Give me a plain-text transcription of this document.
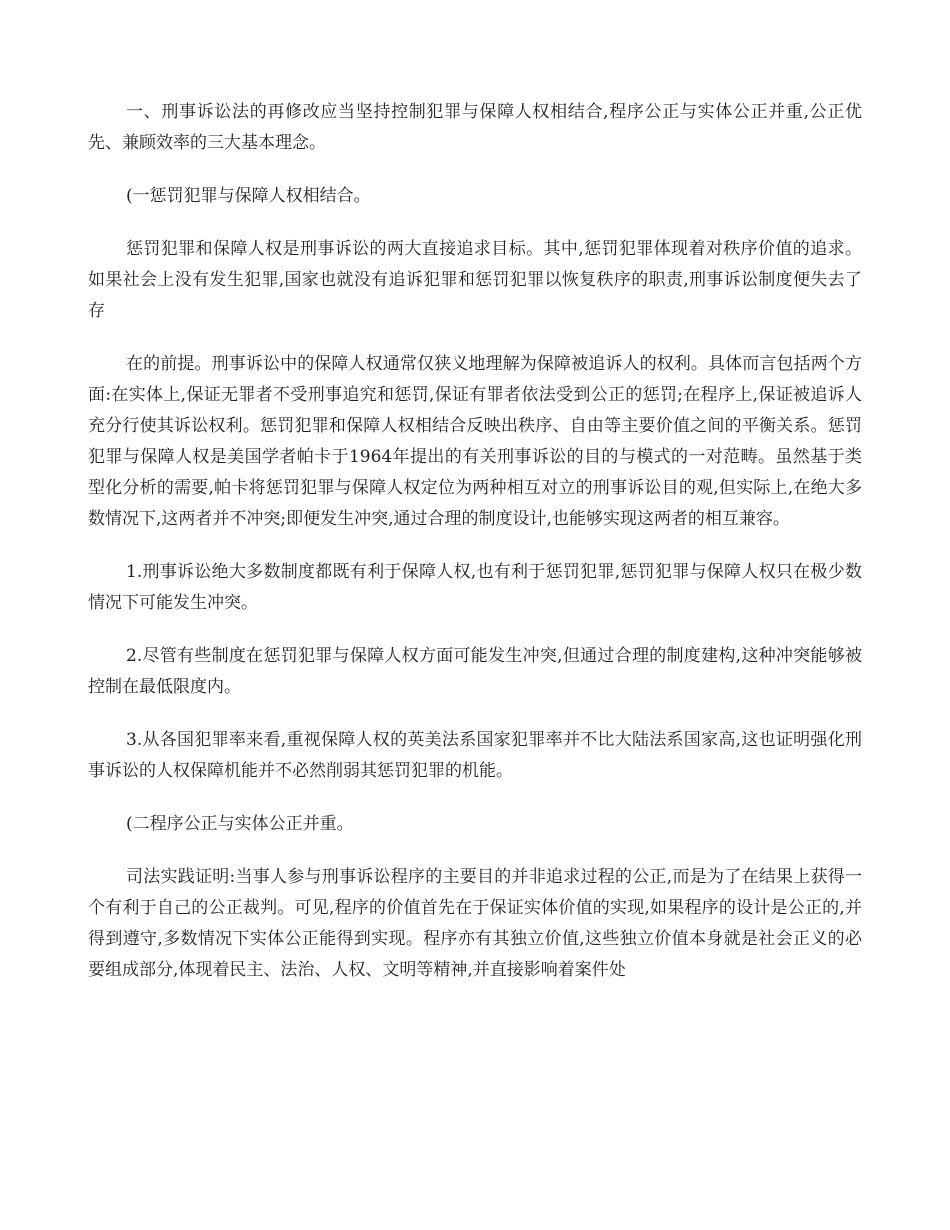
一、刑事诉讼法的再修改应当坚持控制犯罪与保障人权相结合,程序公正与实体公正并重,公正优先、兼顾效率的三大基本理念。

(一惩罚犯罪与保障人权相结合。

惩罚犯罪和保障人权是刑事诉讼的两大直接追求目标。其中,惩罚犯罪体现着对秩序价值的追求。如果社会上没有发生犯罪,国家也就没有追诉犯罪和惩罚犯罪以恢复秩序的职责,刑事诉讼制度便失去了存

在的前提。刑事诉讼中的保障人权通常仅狭义地理解为保障被追诉人的权利。具体而言包括两个方面:在实体上,保证无罪者不受刑事追究和惩罚,保证有罪者依法受到公正的惩罚;在程序上,保证被追诉人充分行使其诉讼权利。惩罚犯罪和保障人权相结合反映出秩序、自由等主要价值之间的平衡关系。惩罚犯罪与保障人权是美国学者帕卡于1964年提出的有关刑事诉讼的目的与模式的一对范畴。虽然基于类型化分析的需要,帕卡将惩罚犯罪与保障人权定位为两种相互对立的刑事诉讼目的观,但实际上,在绝大多数情况下,这两者并不冲突;即便发生冲突,通过合理的制度设计,也能够实现这两者的相互兼容。

1.刑事诉讼绝大多数制度都既有利于保障人权,也有利于惩罚犯罪,惩罚犯罪与保障人权只在极少数情况下可能发生冲突。

2.尽管有些制度在惩罚犯罪与保障人权方面可能发生冲突,但通过合理的制度建构,这种冲突能够被控制在最低限度内。

3.从各国犯罪率来看,重视保障人权的英美法系国家犯罪率并不比大陆法系国家高,这也证明强化刑事诉讼的人权保障机能并不必然削弱其惩罚犯罪的机能。

(二程序公正与实体公正并重。

司法实践证明:当事人参与刑事诉讼程序的主要目的并非追求过程的公正,而是为了在结果上获得一个有利于自己的公正裁判。可见,程序的价值首先在于保证实体价值的实现,如果程序的设计是公正的,并得到遵守,多数情况下实体公正能得到实现。程序亦有其独立价值,这些独立价值本身就是社会正义的必要组成部分,体现着民主、法治、人权、文明等精神,并直接影响着案件处
